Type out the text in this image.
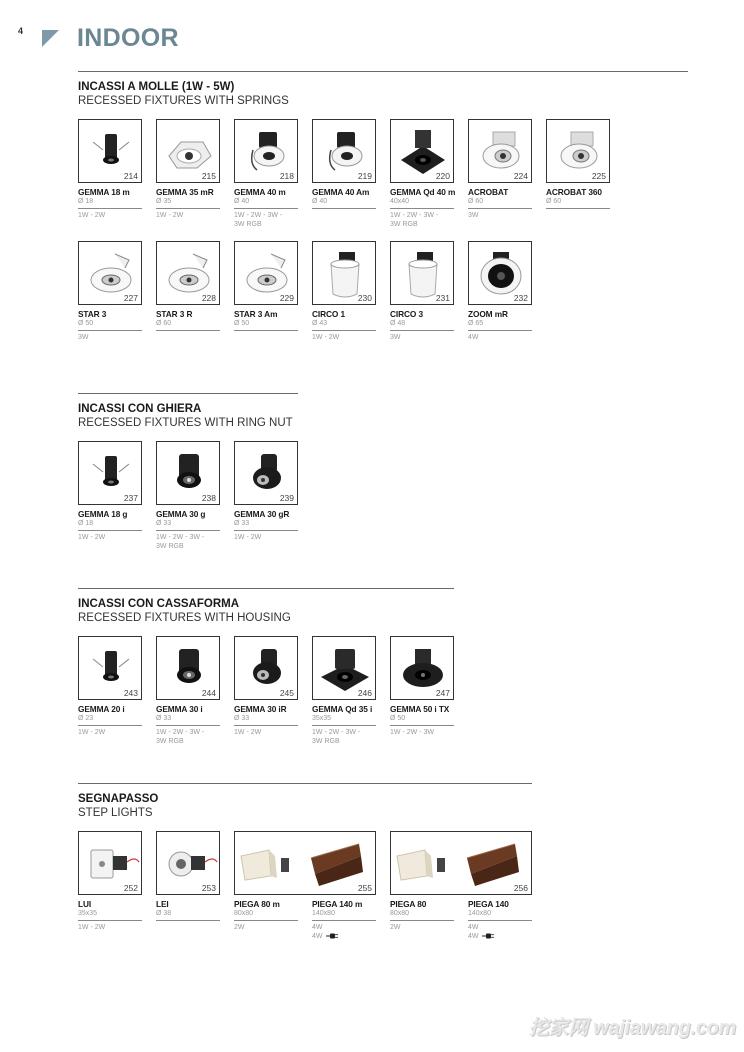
4 INDOOR
INCASSI A MOLLE (1W - 5W)
RECESSED FIXTURES WITH SPRINGS
214
GEMMA 18 m
Ø 18
1W - 2W
215
GEMMA 35 mR
Ø 35
1W - 2W
218
GEMMA 40 m
Ø 40
1W - 2W - 3W -
3W RGB
219
GEMMA 40 Am
Ø 40
220
GEMMA Qd 40 m
40x40
1W - 2W - 3W -
3W RGB
224
ACROBAT
Ø 60
3W
225
ACROBAT 360
Ø 60
227
STAR 3
Ø 50
3W
228
STAR 3 R
Ø 60
229
STAR 3 Am
Ø 50
230
CIRCO 1
Ø 43
1W - 2W
231
CIRCO 3
Ø 48
3W
232
ZOOM mR
Ø 65
4W
INCASSI CON GHIERA
RECESSED FIXTURES WITH RING NUT
237
GEMMA 18 g
Ø 18
1W - 2W
238
GEMMA 30 g
Ø 33
1W - 2W - 3W -
3W RGB
239
GEMMA 30 gR
Ø 33
1W - 2W
INCASSI CON CASSAFORMA
RECESSED FIXTURES WITH HOUSING
243
GEMMA 20 i
Ø 23
1W - 2W
244
GEMMA 30 i
Ø 33
1W - 2W - 3W -
3W RGB
245
GEMMA 30 iR
Ø 33
1W - 2W
246
GEMMA Qd 35 i
35x35
1W - 2W - 3W -
3W RGB
247
GEMMA 50 i TX
Ø 50
1W - 2W - 3W
SEGNAPASSO
STEP LIGHTS
252
LUI
35x35
1W - 2W
253
LEI
Ø 38
255
PIEGA 80 m
80x80
2W
PIEGA 140 m
140x80
4W
4W
256
PIEGA 80
80x80
2W
PIEGA 140
140x80
4W
4W
挖家网 wajiawang.com
